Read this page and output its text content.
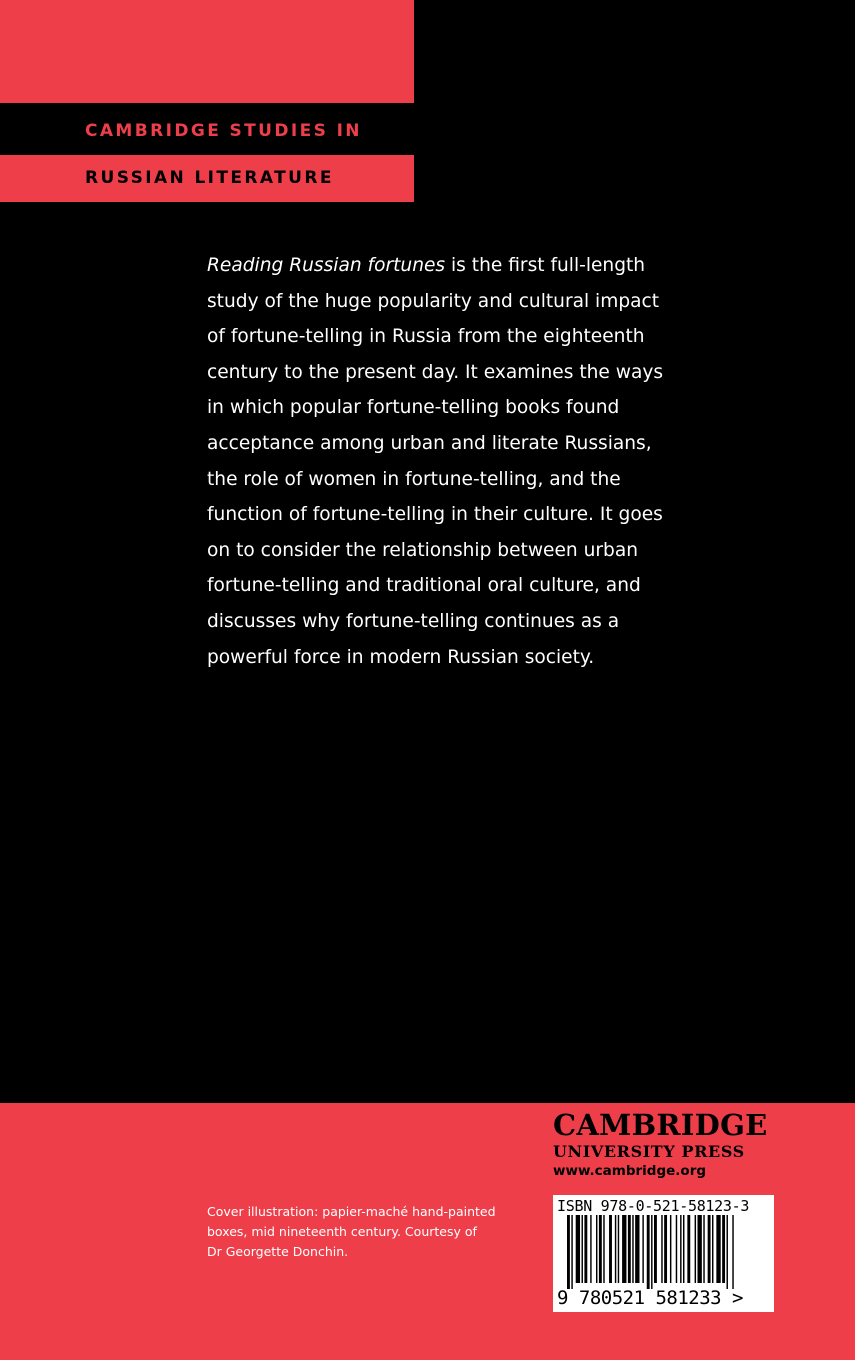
CAMBRIDGE STUDIES IN
RUSSIAN LITERATURE
Reading Russian fortunes is the first full-length
study of the huge popularity and cultural impact
of fortune-telling in Russia from the eighteenth
century to the present day. It examines the ways
in which popular fortune-telling books found
acceptance among urban and literate Russians,
the role of women in fortune-telling, and the
function of fortune-telling in their culture. It goes
on to consider the relationship between urban
fortune-telling and traditional oral culture, and
discusses why fortune-telling continues as a
powerful force in modern Russian society.
Cover illustration: papier-maché hand-painted
boxes, mid nineteenth century. Courtesy of
Dr Georgette Donchin.
CAMBRIDGE
UNIVERSITY PRESS
www.cambridge.org
ISBN 978-0-521-58123-3
9 780521 581233 >
